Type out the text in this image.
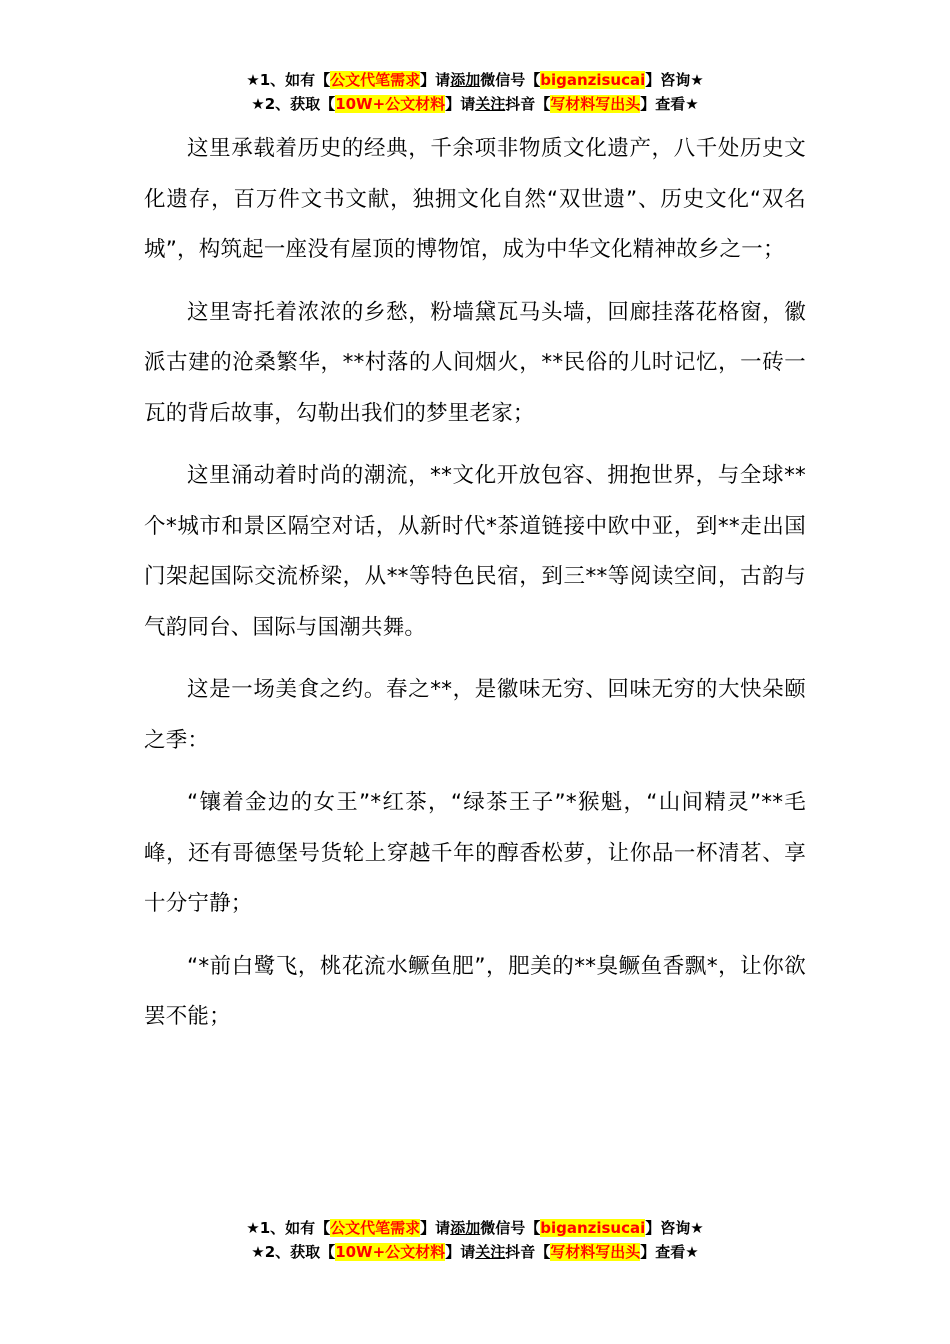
★1、如有【公文代笔需求】请添加微信号【biganzisucai】咨询★
★2、获取【10W+公文材料】请关注抖音【写材料写出头】查看★

这里承载着历史的经典，千余项非物质文化遗产，八千处历史文化遗存，百万件文书文献，独拥文化自然“双世遗”、历史文化“双名城”，构筑起一座没有屋顶的博物馆，成为中华文化精神故乡之一；

这里寄托着浓浓的乡愁，粉墙黛瓦马头墙，回廊挂落花格窗，徽派古建的沧桑繁华，**村落的人间烟火，**民俗的儿时记忆，一砖一瓦的背后故事，勾勒出我们的梦里老家；

这里涌动着时尚的潮流，**文化开放包容、拥抱世界，与全球**个*城市和景区隔空对话，从新时代*茶道链接中欧中亚，到**走出国门架起国际交流桥梁，从**等特色民宿，到三**等阅读空间，古韵与气韵同台、国际与国潮共舞。

这是一场美食之约。春之**，是徽味无穷、回味无穷的大快朵颐之季：

“镶着金边的女王”*红茶，“绿茶王子”*猴魁，“山间精灵”**毛峰，还有哥德堡号货轮上穿越千年的醇香松萝，让你品一杯清茗、享十分宁静；

“*前白鹭飞，桃花流水鳜鱼肥”，肥美的**臭鳜鱼香飘*，让你欲罢不能；

★1、如有【公文代笔需求】请添加微信号【biganzisucai】咨询★
★2、获取【10W+公文材料】请关注抖音【写材料写出头】查看★
